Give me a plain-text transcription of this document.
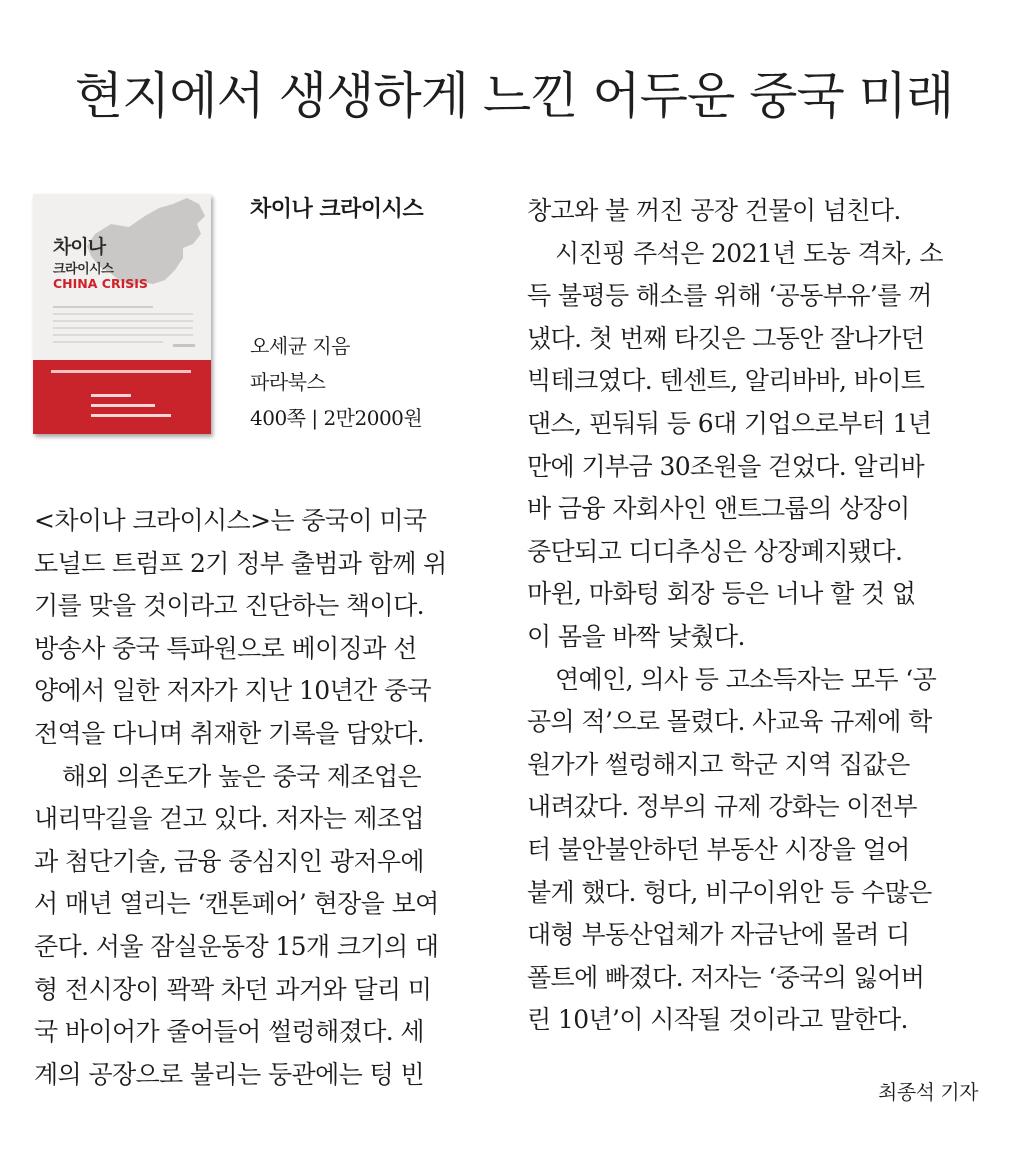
현지에서 생생하게 느낀 어두운 중국 미래
차이나
크라이시스
CHINA CRISIS
차이나 크라이시스
오세균 지음
파라북스
400쪽 | 2만2000원

<차이나 크라이시스>는 중국이 미국

도널드 트럼프 2기 정부 출범과 함께 위

기를 맞을 것이라고 진단하는 책이다.

방송사 중국 특파원으로 베이징과 선

양에서 일한 저자가 지난 10년간 중국

전역을 다니며 취재한 기록을 담았다.

해외 의존도가 높은 중국 제조업은

내리막길을 걷고 있다. 저자는 제조업

과 첨단기술, 금융 중심지인 광저우에

서 매년 열리는 ‘캔톤페어’ 현장을 보여

준다. 서울 잠실운동장 15개 크기의 대

형 전시장이 꽉꽉 차던 과거와 달리 미

국 바이어가 줄어들어 썰렁해졌다. 세

계의 공장으로 불리는 둥관에는 텅 빈

창고와 불 꺼진 공장 건물이 넘친다.

시진핑 주석은 2021년 도농 격차, 소

득 불평등 해소를 위해 ‘공동부유’를 꺼

냈다. 첫 번째 타깃은 그동안 잘나가던

빅테크였다. 텐센트, 알리바바, 바이트

댄스, 핀둬둬 등 6대 기업으로부터 1년

만에 기부금 30조원을 걷었다. 알리바

바 금융 자회사인 앤트그룹의 상장이

중단되고 디디추싱은 상장폐지됐다.

마윈, 마화텅 회장 등은 너나 할 것 없

이 몸을 바짝 낮췄다.

연예인, 의사 등 고소득자는 모두 ‘공

공의 적’으로 몰렸다. 사교육 규제에 학

원가가 썰렁해지고 학군 지역 집값은

내려갔다. 정부의 규제 강화는 이전부

터 불안불안하던 부동산 시장을 얼어

붙게 했다. 헝다, 비구이위안 등 수많은

대형 부동산업체가 자금난에 몰려 디

폴트에 빠졌다. 저자는 ‘중국의 잃어버

린 10년’이 시작될 것이라고 말한다.

최종석 기자
